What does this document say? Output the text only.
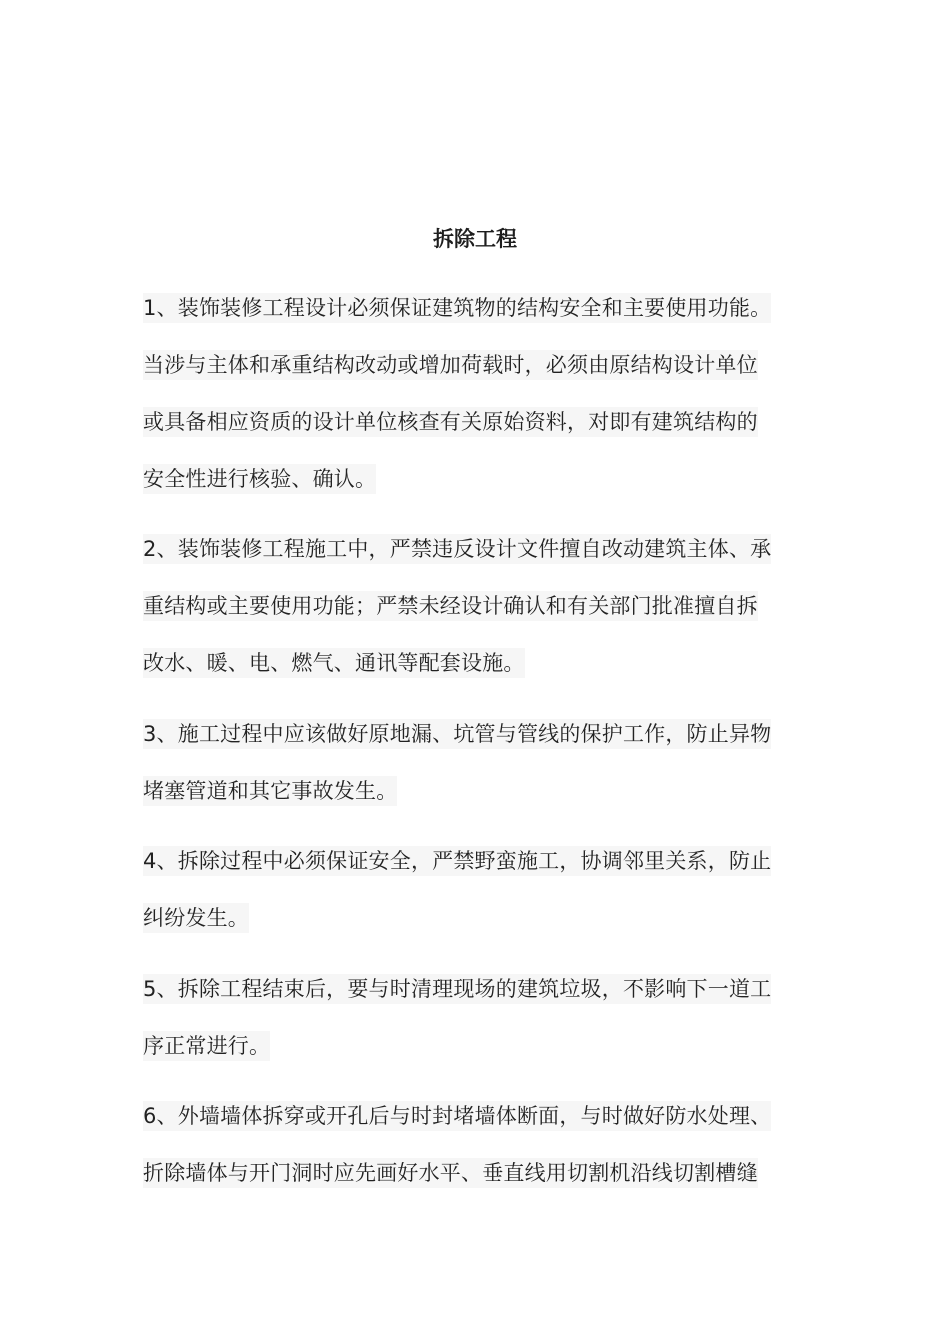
拆除工程
1、装饰装修工程设计必须保证建筑物的结构安全和主要使用功能。
当涉与主体和承重结构改动或增加荷载时，必须由原结构设计单位
或具备相应资质的设计单位核查有关原始资料，对即有建筑结构的
安全性进行核验、确认。
2、装饰装修工程施工中，严禁违反设计文件擅自改动建筑主体、承
重结构或主要使用功能；严禁未经设计确认和有关部门批准擅自拆
改水、暖、电、燃气、通讯等配套设施。
3、施工过程中应该做好原地漏、坑管与管线的保护工作，防止异物
堵塞管道和其它事故发生。
4、拆除过程中必须保证安全，严禁野蛮施工，协调邻里关系，防止
纠纷发生。
5、拆除工程结束后，要与时清理现场的建筑垃圾，不影响下一道工
序正常进行。
6、外墙墙体拆穿或开孔后与时封堵墙体断面，与时做好防水处理、
折除墙体与开门洞时应先画好水平、垂直线用切割机沿线切割槽缝
